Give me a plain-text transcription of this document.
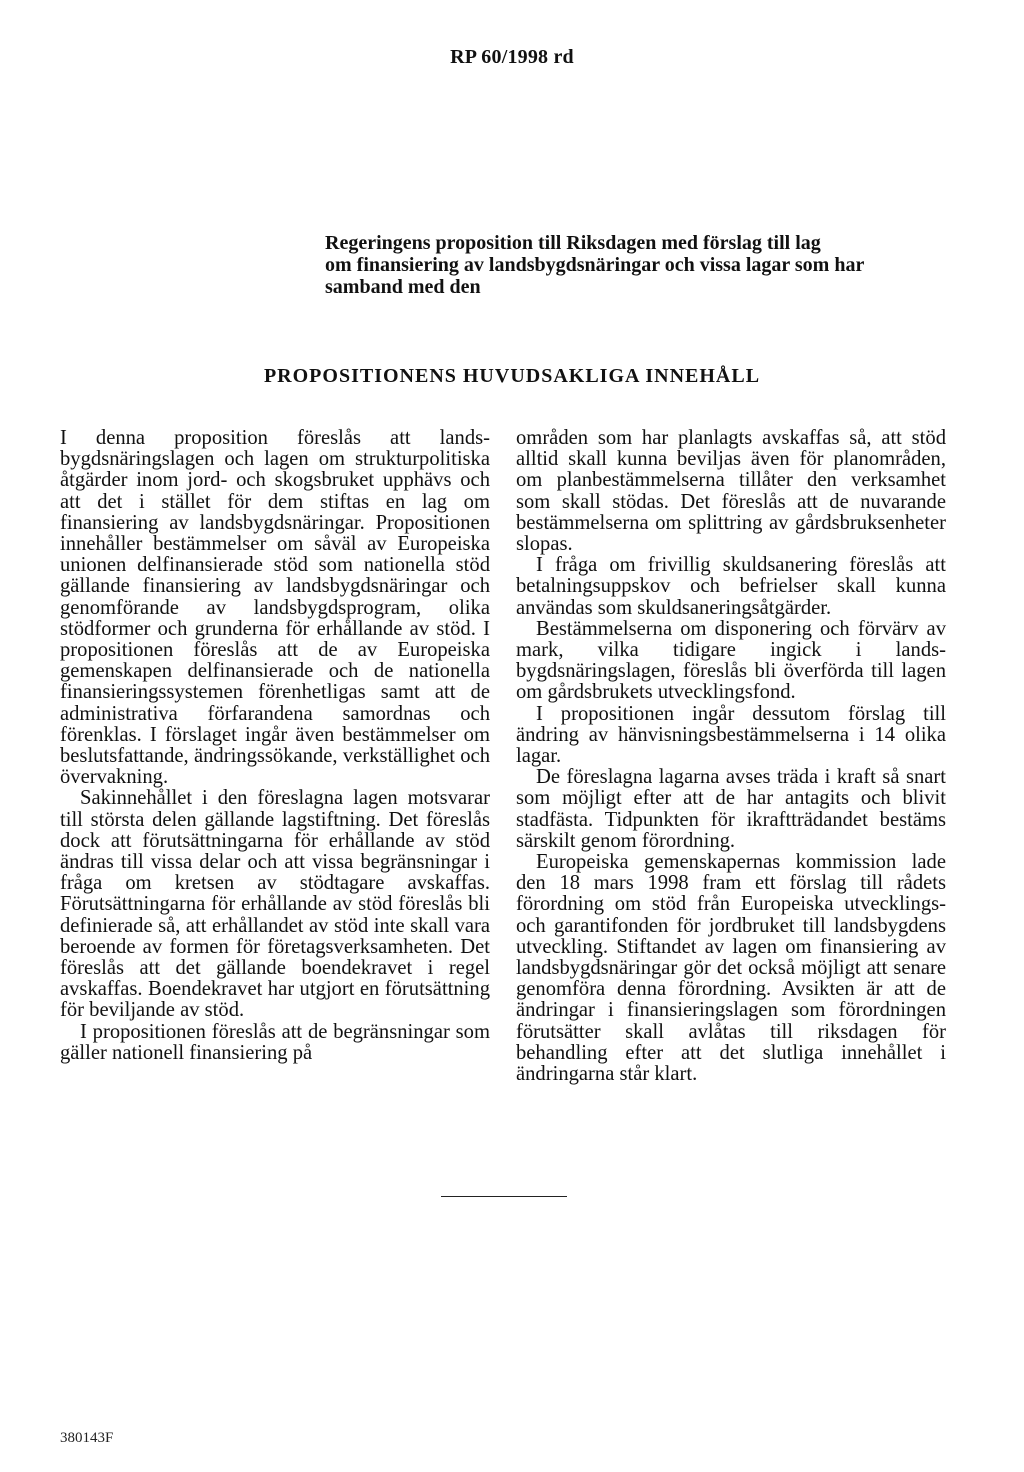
RP 60/1998 rd
Regeringens proposition till Riksdagen med förslag till lag
om finansiering av landsbygdsnäringar och vissa lagar som har
samband med den
PROPOSITIONENS HUVUDSAKLIGA INNEHÅLL

I denna proposition föreslås att landsbygdsnäringslagen och lagen om strukturpolitiska åtgärder inom jord- och skogsbruket upphävs och att det i stället för dem stiftas en lag om finansiering av landsbygdsnäringar. Propositionen innehåller bestämmelser om såväl av Europeiska unionen delfinansierade stöd som nationella stöd gällande finansiering av landsbygdsnäringar och genomförande av landsbygdsprogram, olika stödformer och grunderna för erhållande av stöd. I propositionen föreslås att de av Europeiska gemenskapen delfinansierade och de nationella finansieringssystemen förenhetligas samt att de administrativa förfarandena samordnas och förenklas. I förslaget ingår även bestämmelser om beslutsfattande, ändringssökande, verkställighet och övervakning.

Sakinnehållet i den föreslagna lagen motsvarar till största delen gällande lagstiftning. Det föreslås dock att förutsättningarna för erhållande av stöd ändras till vissa delar och att vissa begränsningar i fråga om kretsen av stödtagare avskaffas. Förutsättningarna för erhållande av stöd föreslås bli definierade så, att erhållandet av stöd inte skall vara beroende av formen för företagsverksamheten. Det föreslås att det gällande boendekravet i regel avskaffas. Boendekravet har utgjort en förutsättning för beviljande av stöd.

I propositionen föreslås att de begränsningar som gäller nationell finansiering på

områden som har planlagts avskaffas så, att stöd alltid skall kunna beviljas även för planområden, om planbestämmelserna tillåter den verksamhet som skall stödas. Det föreslås att de nuvarande bestämmelserna om splittring av gårdsbruksenheter slopas.

I fråga om frivillig skuldsanering föreslås att betalningsuppskov och befrielser skall kunna användas som skuldsaneringsåtgärder.

Bestämmelserna om disponering och förvärv av mark, vilka tidigare ingick i landsbygdsnäringslagen, föreslås bli överförda till lagen om gårdsbrukets utvecklingsfond.

I propositionen ingår dessutom förslag till ändring av hänvisningsbestämmelserna i 14 olika lagar.

De föreslagna lagarna avses träda i kraft så snart som möjligt efter att de har antagits och blivit stadfästa. Tidpunkten för ikraftträdandet bestäms särskilt genom förordning.

Europeiska gemenskapernas kommission lade den 18 mars 1998 fram ett förslag till rådets förordning om stöd från Europeiska utvecklings- och garantifonden för jordbruket till landsbygdens utveckling. Stiftandet av lagen om finansiering av landsbygdsnäringar gör det också möjligt att senare genomföra denna förordning. Avsikten är att de ändringar i finansieringslagen som förordningen förutsätter skall avlåtas till riksdagen för behandling efter att det slutliga innehållet i ändringarna står klart.

380143F
